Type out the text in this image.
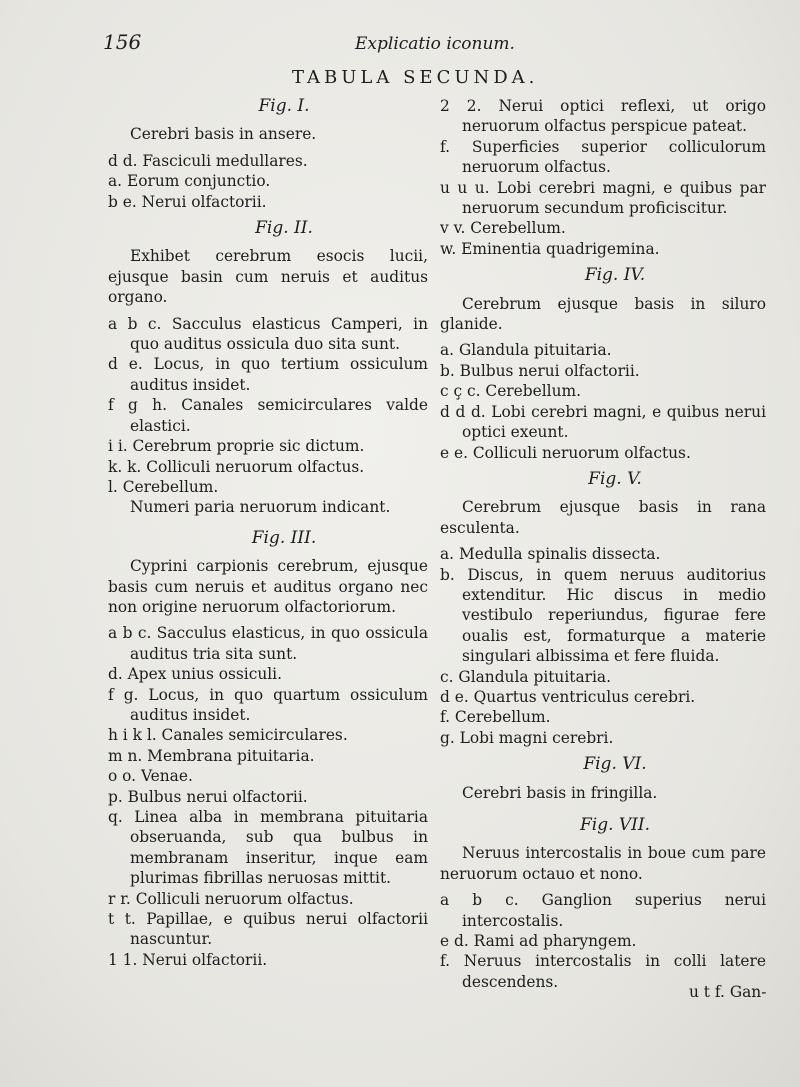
156	Explicatio iconum.
TABULA SECUNDA.
Fig. I.

Cerebri basis in ansere.

d d. Fasciculi medullares.

a. Eorum conjunctio.

b e. Nerui olfactorii.

Fig. II.

Exhibet cerebrum esocis lucii, ejusque basin cum neruis et auditus organo.

a b c. Sacculus elasticus Camperi, in quo auditus ossicula duo sita sunt.

d e. Locus, in quo tertium ossiculum auditus insidet.

f g h. Canales semicirculares valde elastici.

i i. Cerebrum proprie sic dictum.

k. k. Colliculi neruorum olfactus.

l. Cerebellum.

Numeri paria neruorum indicant.

Fig. III.

Cyprini carpionis cerebrum, ejusque basis cum neruis et auditus organo nec non origine neruorum olfactoriorum.

a b c. Sacculus elasticus, in quo ossicula auditus tria sita sunt.

d. Apex unius ossiculi.

f g. Locus, in quo quartum ossiculum auditus insidet.

h i k l. Canales semicirculares.

m n. Membrana pituitaria.

o o. Venae.

p. Bulbus nerui olfactorii.

q. Linea alba in membrana pituitaria obseruanda, sub qua bulbus in membranam inseritur, inque eam plurimas fibrillas neruosas mittit.

r r. Colliculi neruorum olfactus.

t t. Papillae, e quibus nerui olfactorii nascuntur.

1 1. Nerui olfactorii.

2 2. Nerui optici reflexi, ut origo neruorum olfactus perspicue pateat.

f. Superficies superior colliculorum neruorum olfactus.

u u u. Lobi cerebri magni, e quibus par neruorum secundum proficiscitur.

v v. Cerebellum.

w. Eminentia quadrigemina.

Fig. IV.

Cerebrum ejusque basis in siluro glanide.

a. Glandula pituitaria.

b. Bulbus nerui olfactorii.

c ç c. Cerebellum.

d d d. Lobi cerebri magni, e quibus nerui optici exeunt.

e e. Colliculi neruorum olfactus.

Fig. V.

Cerebrum ejusque basis in rana esculenta.

a. Medulla spinalis dissecta.

b. Discus, in quem neruus auditorius extenditur. Hic discus in medio vestibulo reperiundus, figurae fere oualis est, formaturque a materie singulari albissima et fere fluida.

c. Glandula pituitaria.

d e. Quartus ventriculus cerebri.

f. Cerebellum.

g. Lobi magni cerebri.

Fig. VI.

Cerebri basis in fringilla.

Fig. VII.

Neruus intercostalis in boue cum pare neruorum octauo et nono.

a b c. Ganglion superius nerui intercostalis.

e d. Rami ad pharyngem.

f. Neruus intercostalis in colli latere descendens.

u t f. Gan-
